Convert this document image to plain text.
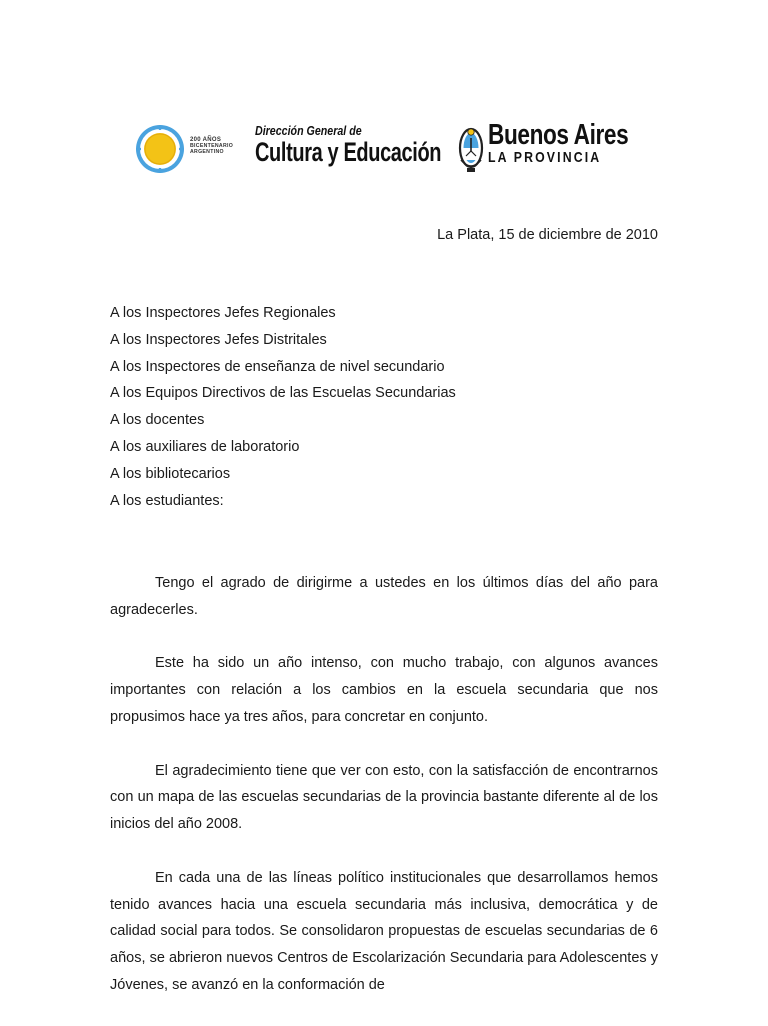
200 AÑOS
BICENTENARIO
ARGENTINO
Dirección General de
Cultura y Educación
Buenos Aires
LA PROVINCIA
La Plata, 15 de diciembre de 2010
A los Inspectores Jefes Regionales
A los Inspectores Jefes Distritales
A los Inspectores de enseñanza de nivel secundario
A los Equipos Directivos de las Escuelas Secundarias
A los docentes
A los auxiliares de laboratorio
A los bibliotecarios
A los estudiantes:

Tengo el agrado de dirigirme a ustedes en los últimos días del año para agradecerles.

Este ha sido un año intenso, con mucho trabajo, con algunos avances importantes con relación a los cambios en la escuela secundaria que nos propusimos hace ya tres años, para concretar en conjunto.

El agradecimiento tiene que ver con esto, con la satisfacción de encontrarnos con un mapa de las escuelas secundarias de la provincia bastante diferente al de los inicios del año 2008.

En cada una de las líneas político institucionales que desarrollamos hemos tenido avances hacia una escuela secundaria más inclusiva, democrática y de calidad social para todos. Se consolidaron propuestas de escuelas secundarias de 6 años, se abrieron nuevos Centros de Escolarización Secundaria para Adolescentes y Jóvenes, se avanzó en la conformación de
